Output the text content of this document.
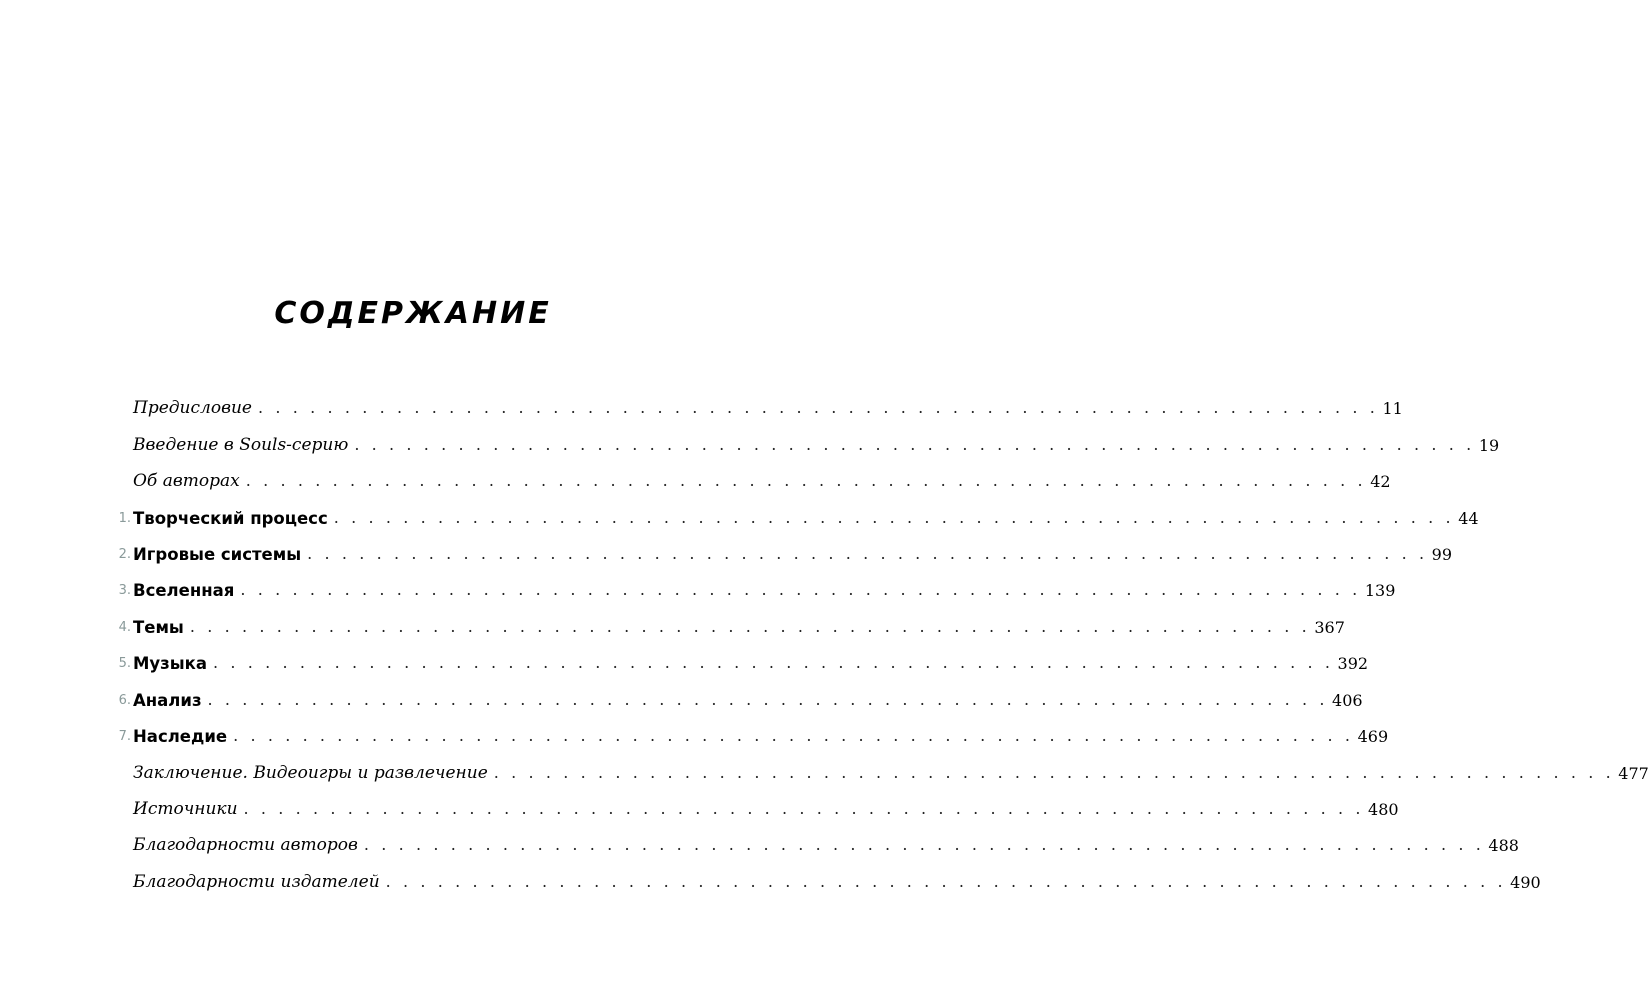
СОДЕРЖАНИЕ
Предисловие . . . . . . . . . . . . . . . . . . . . . . . . . . . . . . . . . . . . . . . . . . . . . . . . . . . . . . . . . . . . . . . . . 11
Введение в Souls-серию . . . . . . . . . . . . . . . . . . . . . . . . . . . . . . . . . . . . . . . . . . . . . . . . . . . . . . . . . . . . . . . . . 19
Об авторах . . . . . . . . . . . . . . . . . . . . . . . . . . . . . . . . . . . . . . . . . . . . . . . . . . . . . . . . . . . . . . . . . 42
1. Творческий процесс . . . . . . . . . . . . . . . . . . . . . . . . . . . . . . . . . . . . . . . . . . . . . . . . . . . . . . . . . . . . . . . . . 44
2. Игровые системы . . . . . . . . . . . . . . . . . . . . . . . . . . . . . . . . . . . . . . . . . . . . . . . . . . . . . . . . . . . . . . . . . 99
3. Вселенная . . . . . . . . . . . . . . . . . . . . . . . . . . . . . . . . . . . . . . . . . . . . . . . . . . . . . . . . . . . . . . . . . 139
4. Темы . . . . . . . . . . . . . . . . . . . . . . . . . . . . . . . . . . . . . . . . . . . . . . . . . . . . . . . . . . . . . . . . . 367
5. Музыка . . . . . . . . . . . . . . . . . . . . . . . . . . . . . . . . . . . . . . . . . . . . . . . . . . . . . . . . . . . . . . . . . 392
6. Анализ . . . . . . . . . . . . . . . . . . . . . . . . . . . . . . . . . . . . . . . . . . . . . . . . . . . . . . . . . . . . . . . . . 406
7. Наследие . . . . . . . . . . . . . . . . . . . . . . . . . . . . . . . . . . . . . . . . . . . . . . . . . . . . . . . . . . . . . . . . . 469
Заключение. Видеоигры и развлечение . . . . . . . . . . . . . . . . . . . . . . . . . . . . . . . . . . . . . . . . . . . . . . . . . . . . . . . . . . . . . . . . . 477
Источники . . . . . . . . . . . . . . . . . . . . . . . . . . . . . . . . . . . . . . . . . . . . . . . . . . . . . . . . . . . . . . . . . 480
Благодарности авторов . . . . . . . . . . . . . . . . . . . . . . . . . . . . . . . . . . . . . . . . . . . . . . . . . . . . . . . . . . . . . . . . . 488
Благодарности издателей . . . . . . . . . . . . . . . . . . . . . . . . . . . . . . . . . . . . . . . . . . . . . . . . . . . . . . . . . . . . . . . . . 490
